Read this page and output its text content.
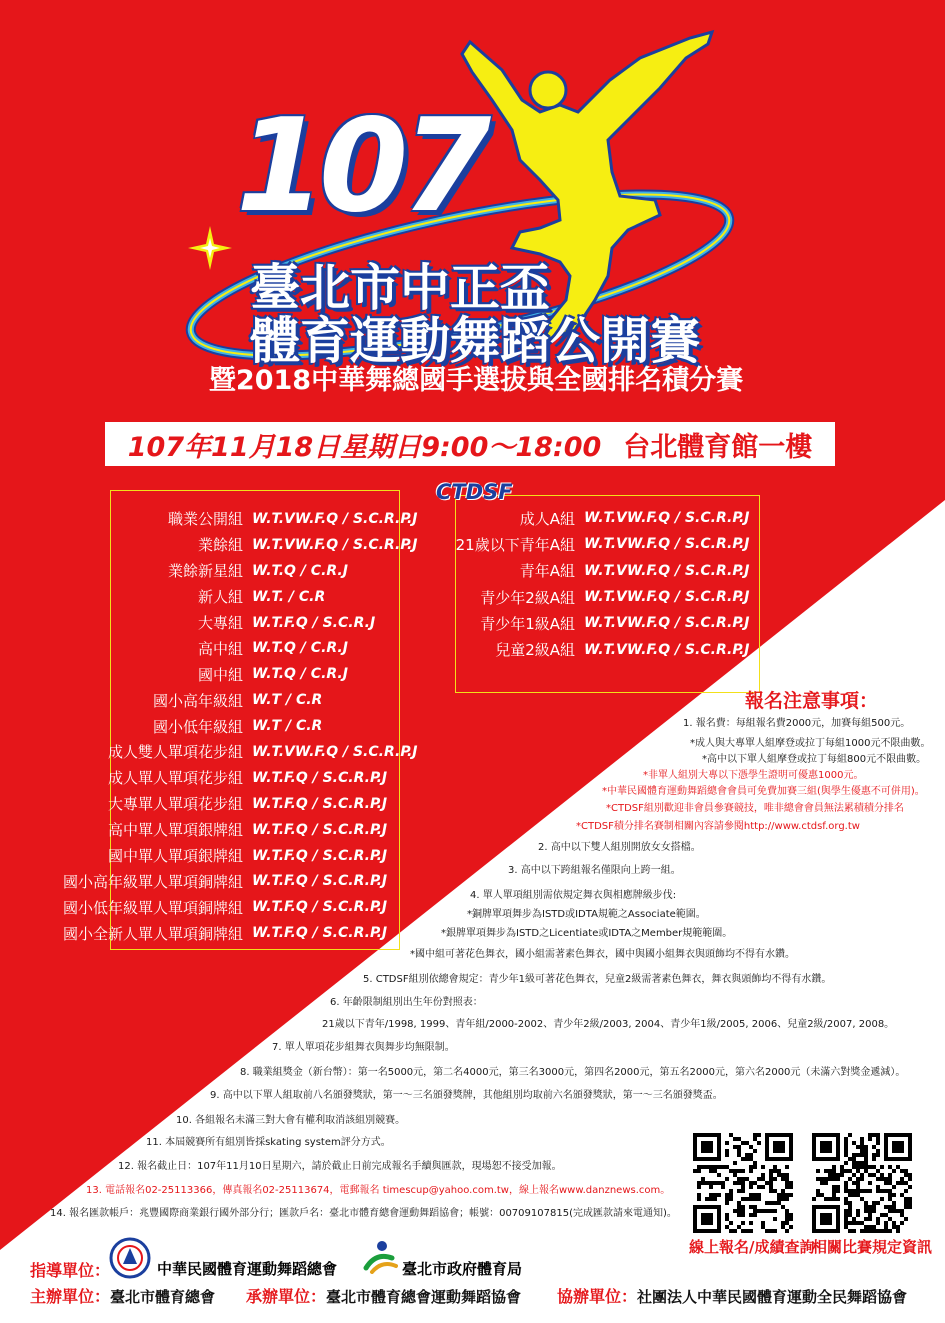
107
臺北市中正盃
體育運動舞蹈公開賽
暨2018中華舞總國手選拔與全國排名積分賽
107年11月18日星期日9:00～18:00 台北體育館一樓
CTDSF
職業公開組 W.T.VW.F.Q / S.C.R.P.J
業餘組 W.T.VW.F.Q / S.C.R.P.J
業餘新星組 W.T.Q / C.R.J
新人組 W.T. / C.R
大專組 W.T.F.Q / S.C.R.J
高中組 W.T.Q / C.R.J
國中組 W.T.Q / C.R.J
國小高年級組 W.T / C.R
國小低年級組 W.T / C.R
成人雙人單項花步組 W.T.VW.F.Q / S.C.R.P.J
成人單人單項花步組 W.T.F.Q / S.C.R.P.J
大專單人單項花步組 W.T.F.Q / S.C.R.P.J
高中單人單項銀牌組 W.T.F.Q / S.C.R.P.J
國中單人單項銀牌組 W.T.F.Q / S.C.R.P.J
國小高年級單人單項銅牌組 W.T.F.Q / S.C.R.P.J
國小低年級單人單項銅牌組 W.T.F.Q / S.C.R.P.J
國小全新人單人單項銅牌組 W.T.F.Q / S.C.R.P.J
成人A組 W.T.VW.F.Q / S.C.R.P.J
21歲以下青年A組 W.T.VW.F.Q / S.C.R.P.J
青年A組 W.T.VW.F.Q / S.C.R.P.J
青少年2級A組 W.T.VW.F.Q / S.C.R.P.J
青少年1級A組 W.T.VW.F.Q / S.C.R.P.J
兒童2級A組 W.T.VW.F.Q / S.C.R.P.J
報名注意事項：
1. 報名費：每組報名費2000元，加賽每組500元。
*成人與大專單人組摩登或拉丁每組1000元不限曲數。
*高中以下單人組摩登或拉丁每組800元不限曲數。
*非單人組別大專以下憑學生證明可優惠1000元。
*中華民國體育運動舞蹈總會會員可免費加賽三組(與學生優惠不可併用)。
*CTDSF組別歡迎非會員參賽競技，唯非總會會員無法累積積分排名
*CTDSF積分排名賽制相關內容請參閱http://www.ctdsf.org.tw
2. 高中以下雙人組別開放女女搭檔。
3. 高中以下跨組報名僅限向上跨一組。
4. 單人單項組別需依規定舞衣與相應牌級步伐:
*銅牌單項舞步為ISTD或IDTA規範之Associate範圍。
*銀牌單項舞步為ISTD之Licentiate或IDTA之Member規範範圍。
*國中組可著花色舞衣，國小組需著素色舞衣，國中與國小組舞衣與頭飾均不得有水鑽。
5. CTDSF組別依總會規定：青少年1級可著花色舞衣，兒童2級需著素色舞衣，舞衣與頭飾均不得有水鑽。
6. 年齡限制組別出生年份對照表：
21歲以下青年/1998, 1999、青年組/2000-2002、青少年2級/2003, 2004、青少年1級/2005, 2006、兒童2級/2007, 2008。
7. 單人單項花步組舞衣與舞步均無限制。
8. 職業組獎金（新台幣）：第一名5000元，第二名4000元，第三名3000元，第四名2000元，第五名2000元，第六名2000元（未滿六對獎金遞減）。
9. 高中以下單人組取前八名頒發獎狀，第一～三名頒發獎牌，其他組別均取前六名頒發獎狀，第一～三名頒發獎盃。
10. 各組報名未滿三對大會有權利取消該組別競賽。
11. 本屆競賽所有組別皆採skating system評分方式。
12. 報名截止日：107年11月10日星期六，請於截止日前完成報名手續與匯款，現場恕不接受加報。
13. 電話報名02-25113366，傳真報名02-25113674，電郵報名 timescup@yahoo.com.tw，線上報名www.danznews.com。
14. 報名匯款帳戶：兆豐國際商業銀行國外部分行；匯款戶名：臺北市體育總會運動舞蹈協會；帳號：00709107815(完成匯款請來電通知)。
線上報名/成績查詢
相關比賽規定資訊
指導單位：	中華民國體育運動舞蹈總會	臺北市政府體育局
主辦單位：臺北市體育總會 承辦單位：臺北市體育總會運動舞蹈協會 協辦單位：社團法人中華民國體育運動全民舞蹈協會
